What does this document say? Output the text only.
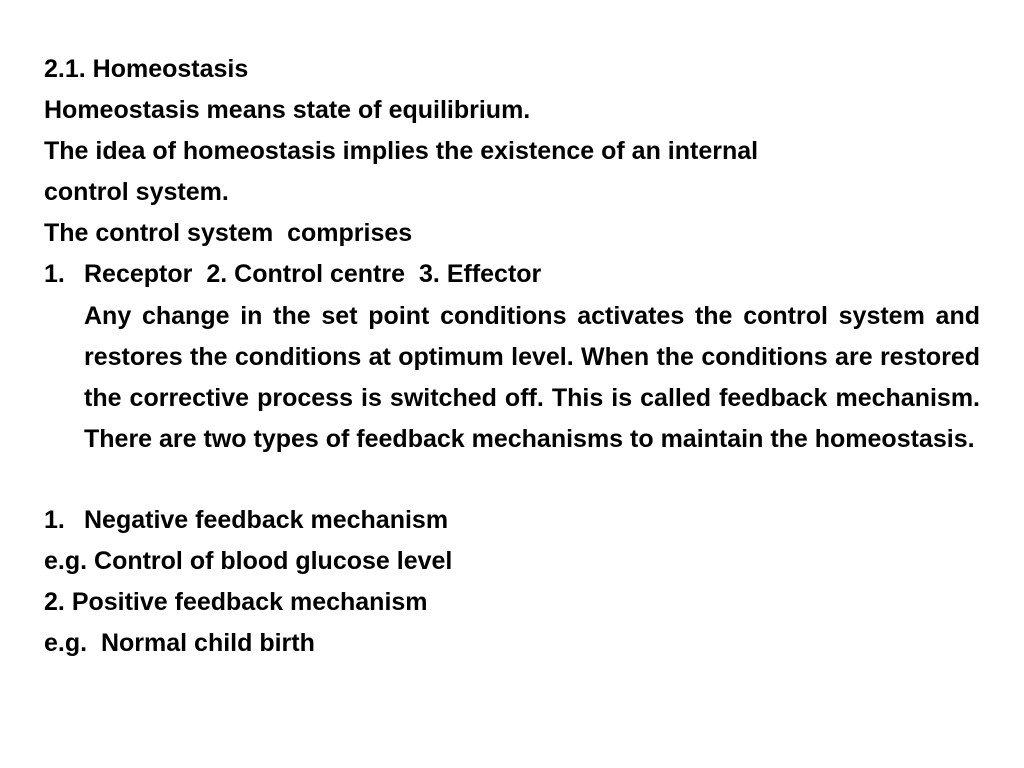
2.1. Homeostasis
Homeostasis means state of equilibrium.
The idea of homeostasis implies the existence of an internal
control system.
The control system  comprises
1. Receptor 2. Control centre 3. Effector
Any change in the set point conditions activates the control system and restores the conditions at optimum level. When the conditions are restored the corrective process is switched off. This is called feedback mechanism. There are two types of feedback mechanisms to maintain the homeostasis.
1. Negative feedback mechanism
e.g. Control of blood glucose level
2. Positive feedback mechanism
e.g.  Normal child birth
